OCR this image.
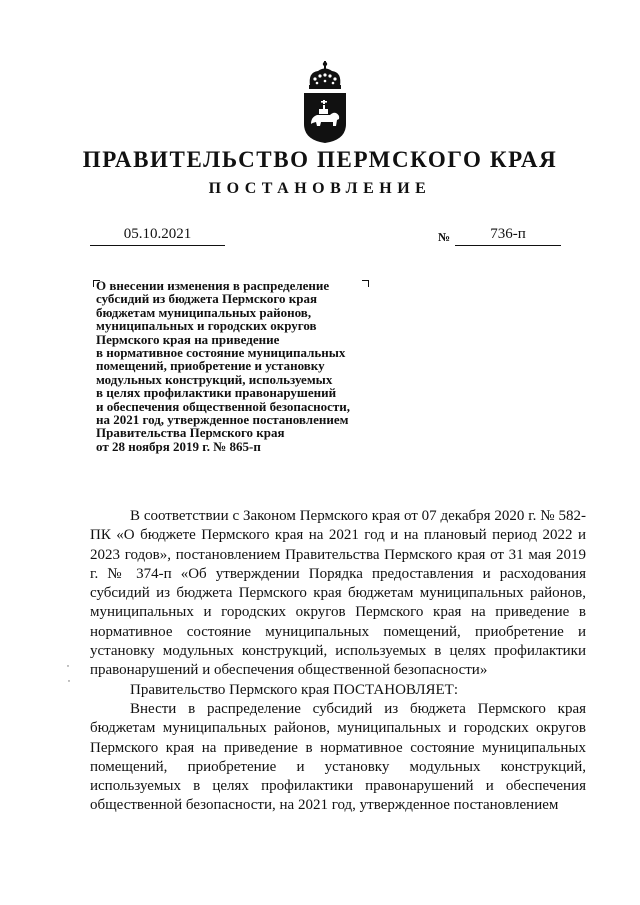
ПРАВИТЕЛЬСТВО ПЕРМСКОГО КРАЯ
ПОСТАНОВЛЕНИЕ
05.10.2021	№	736-п
О внесении изменения в распределение
субсидий из бюджета Пермского края
бюджетам муниципальных районов,
муниципальных и городских округов
Пермского края на приведение
в нормативное состояние муниципальных
помещений, приобретение и установку
модульных конструкций, используемых
в целях профилактики правонарушений
и обеспечения общественной безопасности,
на 2021 год, утвержденное постановлением
Правительства Пермского края
от 28 ноября 2019 г. № 865-п

В соответствии с Законом Пермского края от 07 декабря 2020 г. № 582-ПК «О бюджете Пермского края на 2021 год и на плановый период 2022 и 2023 годов», постановлением Правительства Пермского края от 31 мая 2019 г. № 374-п «Об утверждении Порядка предоставления и расходования субсидий из бюджета Пермского края бюджетам муниципальных районов, муниципальных и городских округов Пермского края на приведение в нормативное состояние муниципальных помещений, приобретение и установку модульных конструкций, используемых в целях профилактики правонарушений и обеспечения общественной безопасности»

Правительство Пермского края ПОСТАНОВЛЯЕТ:

Внести в распределение субсидий из бюджета Пермского края бюджетам муниципальных районов, муниципальных и городских округов Пермского края на приведение в нормативное состояние муниципальных помещений, приобретение и установку модульных конструкций, используемых в целях профилактики правонарушений и обеспечения общественной безопасности, на 2021 год, утвержденное постановлением
